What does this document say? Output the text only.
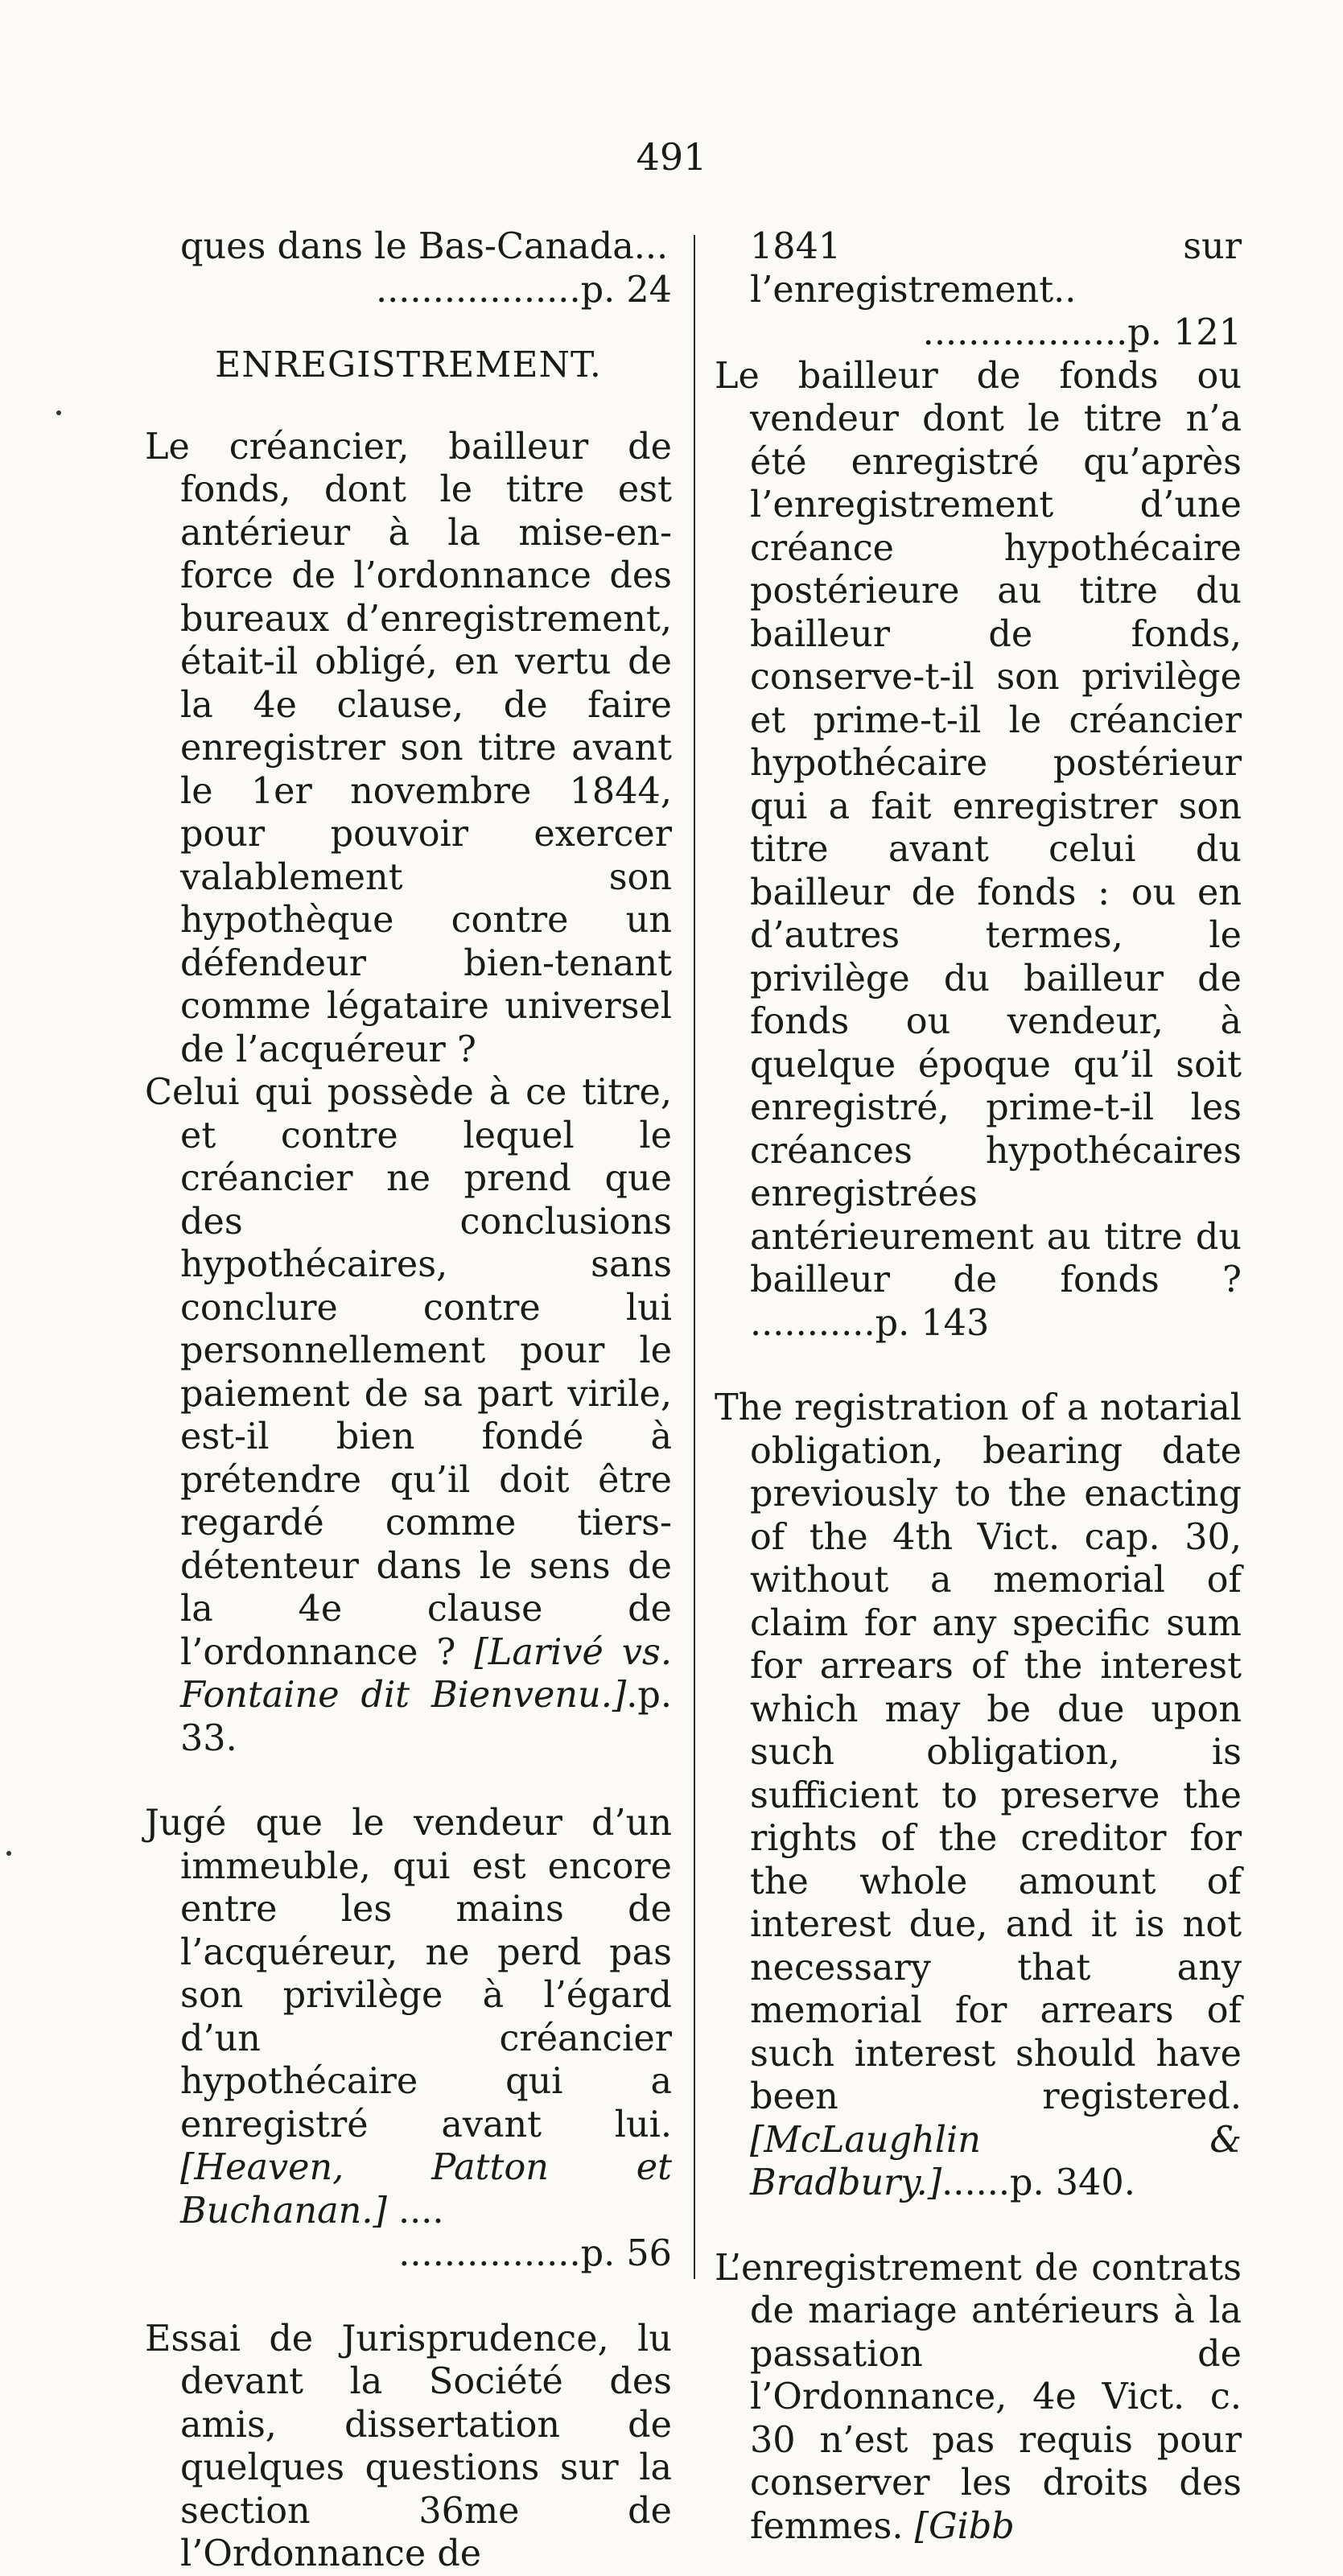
491

ques dans le Bas-Canada...

..................p. 24

ENREGISTREMENT.

Le créancier, bailleur de fonds, dont le titre est antérieur à la mise-en-force de l’ordonnance des bureaux d’enregistrement, était-il obligé, en vertu de la 4e clause, de faire enregistrer son titre avant le 1er novembre 1844, pour pouvoir exercer valablement son hypothèque contre un défendeur bien-tenant comme légataire universel de l’acquéreur ?

Celui qui possède à ce titre, et contre lequel le créancier ne prend que des conclusions hypothécaires, sans conclure contre lui personnellement pour le paiement de sa part virile, est-il bien fondé à prétendre qu’il doit être regardé comme tiers-détenteur dans le sens de la 4e clause de l’ordonnance ? [Larivé vs. Fontaine dit Bienvenu.].p. 33.

Jugé que le vendeur d’un immeuble, qui est encore entre les mains de l’acquéreur, ne perd pas son privilège à l’égard d’un créancier hypothécaire qui a enregistré avant lui. [Heaven, Patton et Buchanan.] ....

................p. 56

Essai de Jurisprudence, lu devant la Société des amis, dissertation de quelques questions sur la section 36me de l’Ordonnance de

1841 sur l’enregistrement..

..................p. 121

Le bailleur de fonds ou vendeur dont le titre n’a été enregistré qu’après l’enregistrement d’une créance hypothécaire postérieure au titre du bailleur de fonds, conserve-t-il son privilège et prime-t-il le créancier hypothécaire postérieur qui a fait enregistrer son titre avant celui du bailleur de fonds : ou en d’autres termes, le privilège du bailleur de fonds ou vendeur, à quelque époque qu’il soit enregistré, prime-t-il les créances hypothécaires enregistrées antérieurement au titre du bailleur de fonds ? ...........p. 143

The registration of a notarial obligation, bearing date previously to the enacting of the 4th Vict. cap. 30, without a memorial of claim for any specific sum for arrears of the interest which may be due upon such obligation, is sufficient to preserve the rights of the creditor for the whole amount of interest due, and it is not necessary that any memorial for arrears of such interest should have been registered. [McLaughlin & Bradbury.]......p. 340.

L’enregistrement de contrats de mariage antérieurs à la passation de l’Ordonnance, 4e Vict. c. 30 n’est pas requis pour conserver les droits des femmes. [Gibb
